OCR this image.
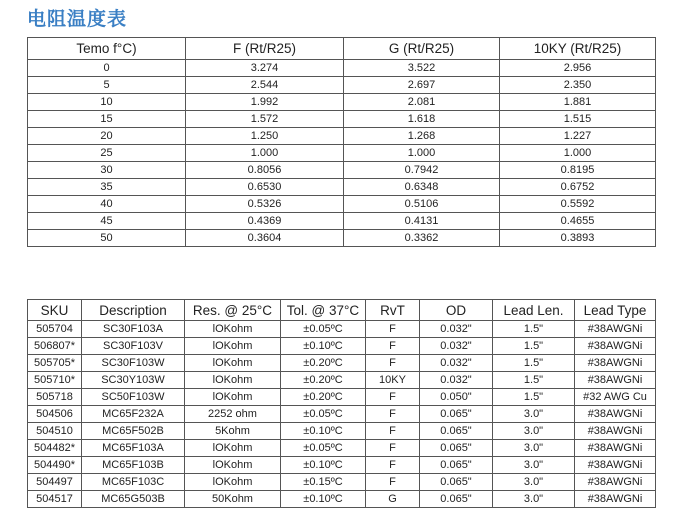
电阻温度表
Temo f°C)	F (Rt/R25)	G (Rt/R25)	10KY (Rt/R25)
0	3.274	3.522	2.956
5	2.544	2.697	2.350
10	1.992	2.081	1.881
15	1.572	1.618	1.515
20	1.250	1.268	1.227
25	1.000	1.000	1.000
30	0.8056	0.7942	0.8195
35	0.6530	0.6348	0.6752
40	0.5326	0.5106	0.5592
45	0.4369	0.4131	0.4655
50	0.3604	0.3362	0.3893
SKU	Description	Res. @ 25°C	Tol. @ 37°C	RvT	OD	Lead Len.	Lead Type
505704	SC30F103A	lOKohm	±0.05ºC	F	0.032"	1.5"	#38AWGNi
506807*	SC30F103V	lOKohm	±0.10ºC	F	0.032"	1.5"	#38AWGNi
505705*	SC30F103W	lOKohm	±0.20ºC	F	0.032"	1.5"	#38AWGNi
505710*	SC30Y103W	lOKohm	±0.20ºC	10KY	0.032"	1.5"	#38AWGNi
505718	SC50F103W	lOKohm	±0.20ºC	F	0.050"	1.5"	#32 AWG Cu
504506	MC65F232A	2252 ohm	±0.05ºC	F	0.065"	3.0"	#38AWGNi
504510	MC65F502B	5Kohm	±0.10ºC	F	0.065"	3.0"	#38AWGNi
504482*	MC65F103A	lOKohm	±0.05ºC	F	0.065"	3.0"	#38AWGNi
504490*	MC65F103B	lOKohm	±0.10ºC	F	0.065"	3.0"	#38AWGNi
504497	MC65F103C	lOKohm	±0.15ºC	F	0.065"	3.0"	#38AWGNi
504517	MC65G503B	50Kohm	±0.10ºC	G	0.065"	3.0"	#38AWGNi
